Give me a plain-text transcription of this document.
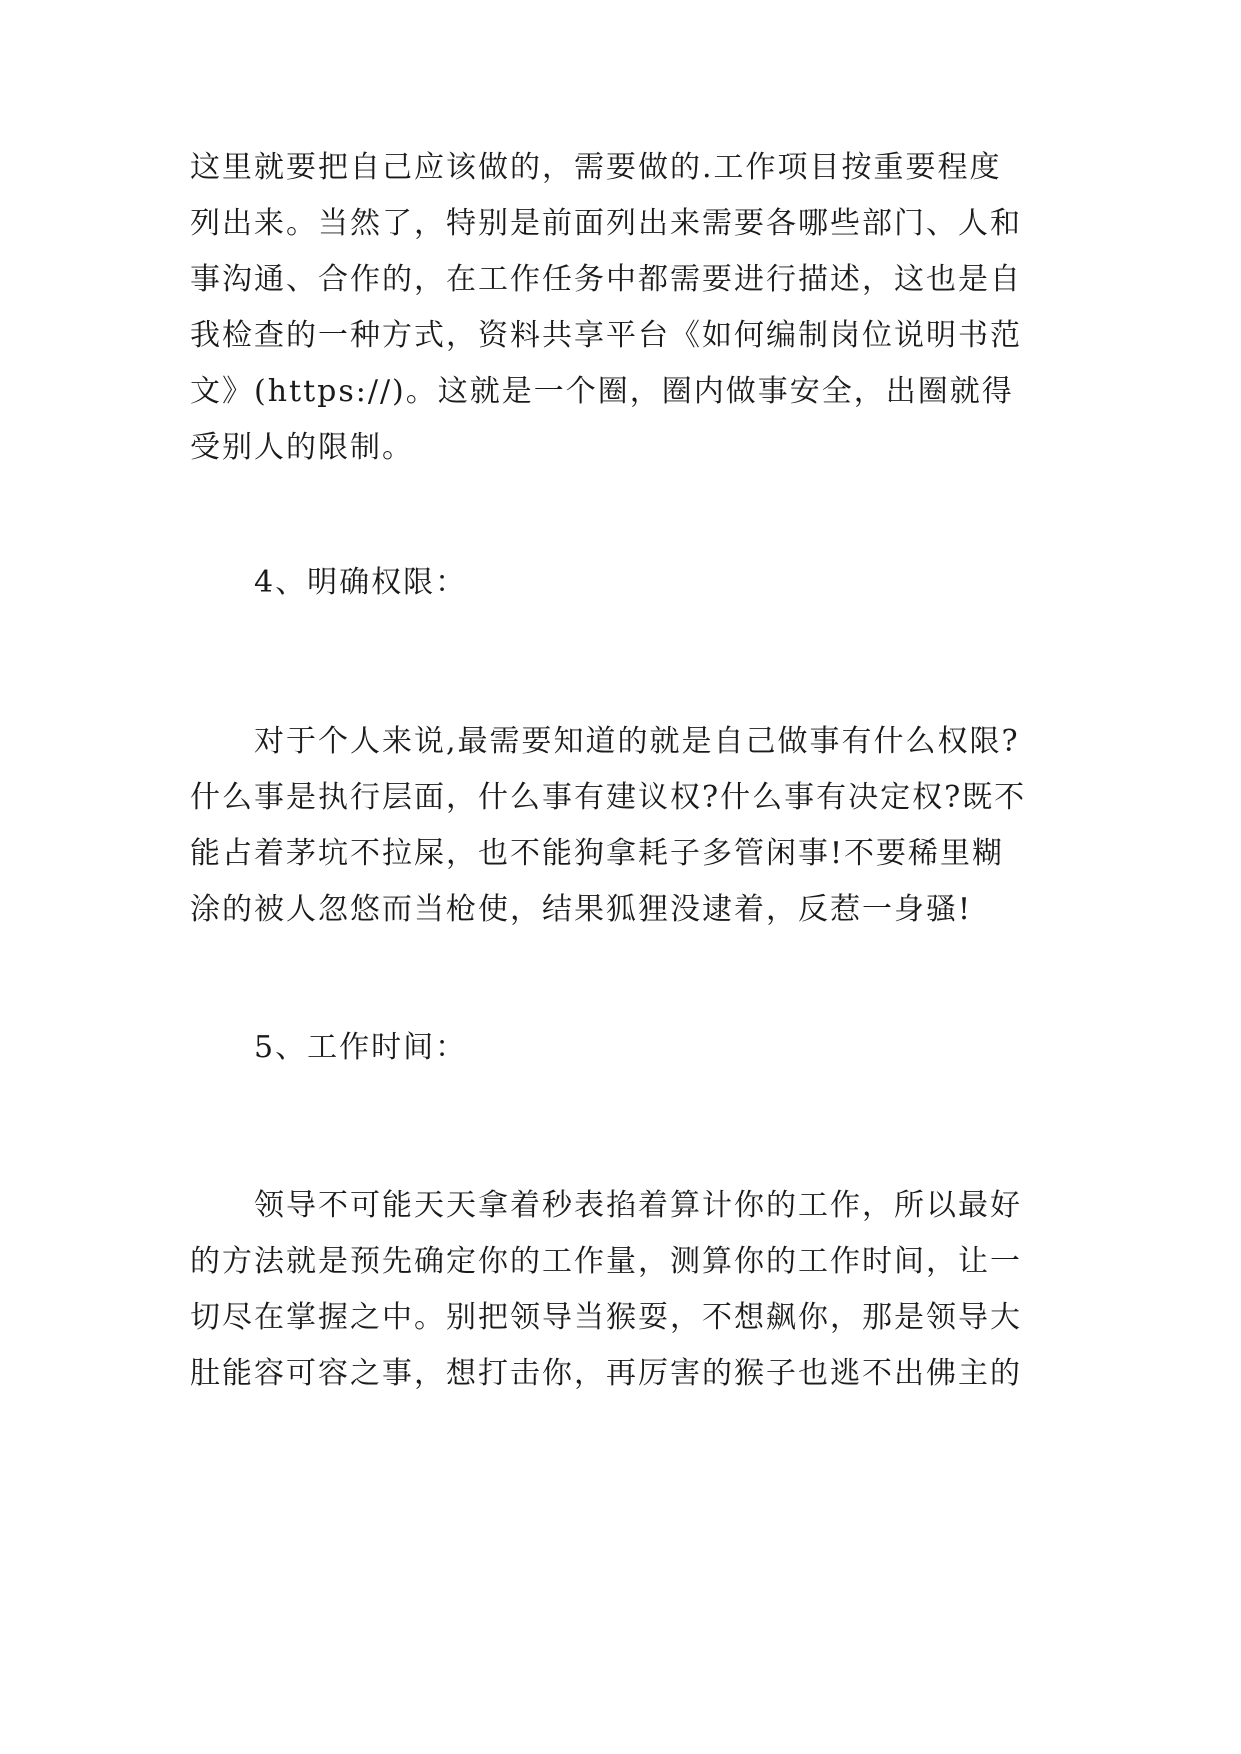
这里就要把自己应该做的，需要做的.工作项目按重要程度
列出来。当然了，特别是前面列出来需要各哪些部门、人和
事沟通、合作的，在工作任务中都需要进行描述，这也是自
我检查的一种方式，资料共享平台《如何编制岗位说明书范
文》(https://)。这就是一个圈，圈内做事安全，出圈就得
受别人的限制。
4、明确权限：
对于个人来说,最需要知道的就是自己做事有什么权限?
什么事是执行层面，什么事有建议权?什么事有决定权?既不
能占着茅坑不拉屎，也不能狗拿耗子多管闲事!不要稀里糊
涂的被人忽悠而当枪使，结果狐狸没逮着，反惹一身骚!
5、工作时间：
领导不可能天天拿着秒表掐着算计你的工作，所以最好
的方法就是预先确定你的工作量，测算你的工作时间，让一
切尽在掌握之中。别把领导当猴耍，不想飙你，那是领导大
肚能容可容之事，想打击你，再厉害的猴子也逃不出佛主的
